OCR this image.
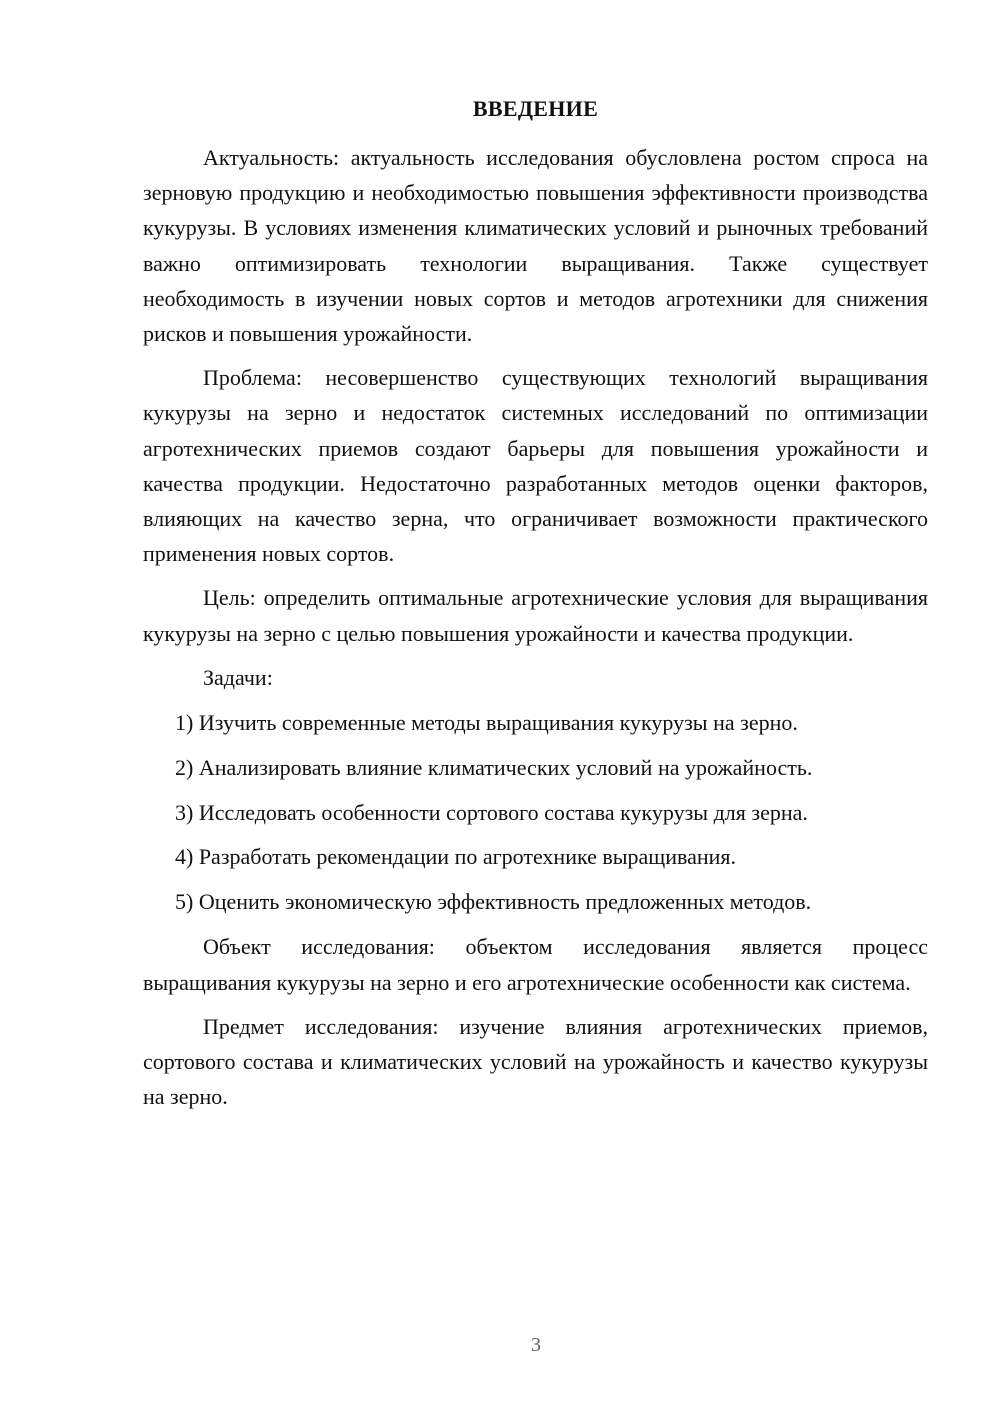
ВВЕДЕНИЕ

Актуальность: актуальность исследования обусловлена ростом спроса на зерновую продукцию и необходимостью повышения эффективности производства кукурузы. В условиях изменения климатических условий и рыночных требований важно оптимизировать технологии выращивания. Также существует необходимость в изучении новых сортов и методов агротехники для снижения рисков и повышения урожайности.

Проблема: несовершенство существующих технологий выращивания кукурузы на зерно и недостаток системных исследований по оптимизации агротехнических приемов создают барьеры для повышения урожайности и качества продукции. Недостаточно разработанных методов оценки факторов, влияющих на качество зерна, что ограничивает возможности практического применения новых сортов.

Цель: определить оптимальные агротехнические условия для выращивания кукурузы на зерно с целью повышения урожайности и качества продукции.

Задачи:

1) Изучить современные методы выращивания кукурузы на зерно.
2) Анализировать влияние климатических условий на урожайность.
3) Исследовать особенности сортового состава кукурузы для зерна.
4) Разработать рекомендации по агротехнике выращивания.
5) Оценить экономическую эффективность предложенных методов.

Объект исследования: объектом исследования является процесс выращивания кукурузы на зерно и его агротехнические особенности как система.

Предмет исследования: изучение влияния агротехнических приемов, сортового состава и климатических условий на урожайность и качество кукурузы на зерно.

3
